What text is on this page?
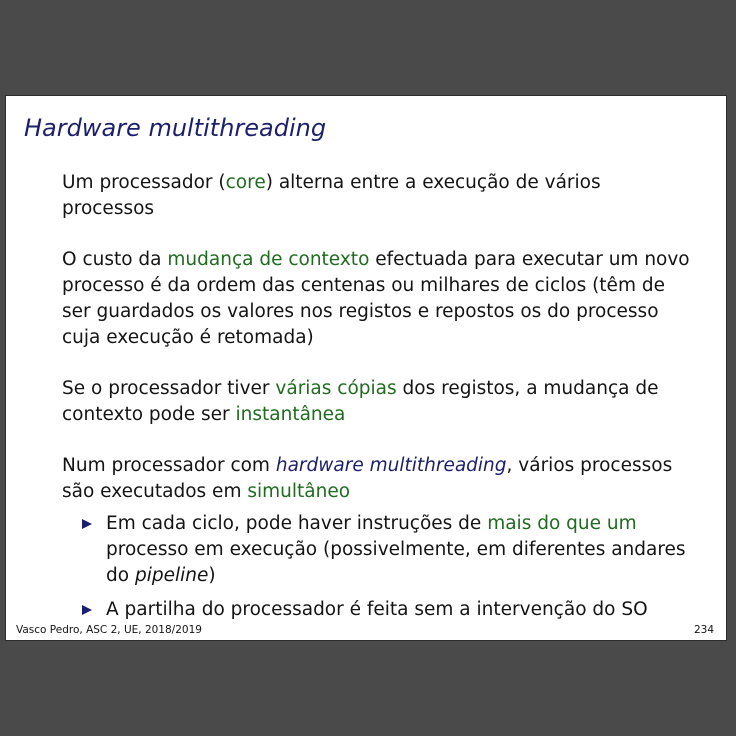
Hardware multithreading

Um processador (core) alterna entre a execução de vários processos

O custo da mudança de contexto efectuada para executar um novo processo é da ordem das centenas ou milhares de ciclos (têm de ser guardados os valores nos registos e repostos os do processo cuja execução é retomada)

Se o processador tiver várias cópias dos registos, a mudança de contexto pode ser instantânea

Num processador com hardware multithreading, vários processos são executados em simultâneo

Em cada ciclo, pode haver instruções de mais do que um processo em execução (possivelmente, em diferentes andares do pipeline)
A partilha do processador é feita sem a intervenção do SO
Vasco Pedro, ASC 2, UE, 2018/2019	234
